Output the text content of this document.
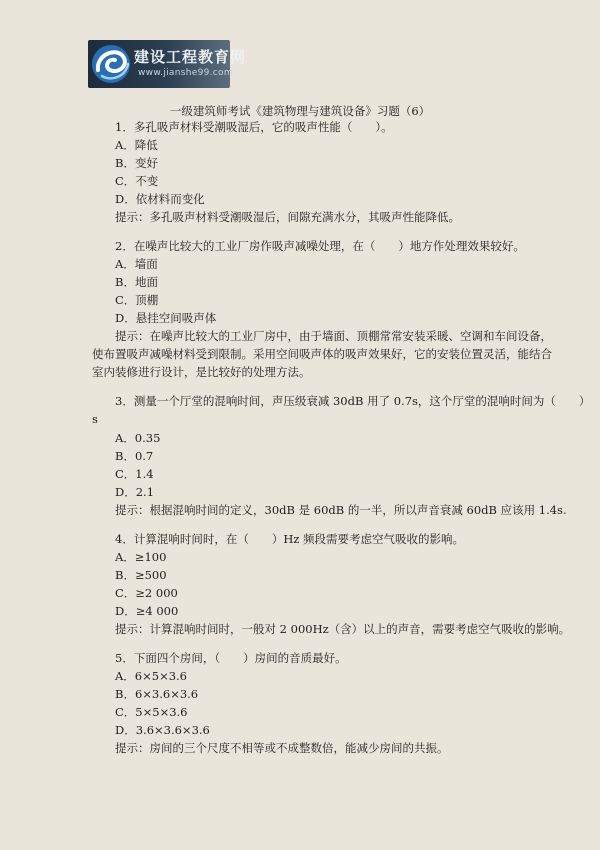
建设工程教育网
www.jianshe99.com
一级建筑师考试《建筑物理与建筑设备》习题（6）
1．多孔吸声材料受潮吸湿后，它的吸声性能（　　）。
A．降低
B．变好
C．不变
D．依材料而变化
提示：多孔吸声材料受潮吸湿后，间隙充满水分，其吸声性能降低。
2．在噪声比较大的工业厂房作吸声减噪处理，在（　　）地方作处理效果较好。
A．墙面
B．地面
C．顶棚
D．悬挂空间吸声体
提示：在噪声比较大的工业厂房中，由于墙面、顶棚常常安装采暖、空调和车间设备，
使布置吸声减噪材料受到限制。采用空间吸声体的吸声效果好，它的安装位置灵活，能结合
室内装修进行设计，是比较好的处理方法。
3．测量一个厅堂的混响时间，声压级衰减 30dB 用了 0.7s，这个厅堂的混响时间为（　　）
s
A．0.35
B．0.7
C．1.4
D．2.1
提示：根据混响时间的定义，30dB 是 60dB 的一半，所以声音衰减 60dB 应该用 1.4s.
4．计算混响时间时，在（　　）Hz 频段需要考虑空气吸收的影响。
A．≥100
B．≥500
C．≥2 000
D．≥4 000
提示：计算混响时间时，一般对 2 000Hz（含）以上的声音，需要考虑空气吸收的影响。
5．下面四个房间，（　　）房间的音质最好。
A．6×5×3.6
B．6×3.6×3.6
C．5×5×3.6
D．3.6×3.6×3.6
提示：房间的三个尺度不相等或不成整数倍，能减少房间的共振。
